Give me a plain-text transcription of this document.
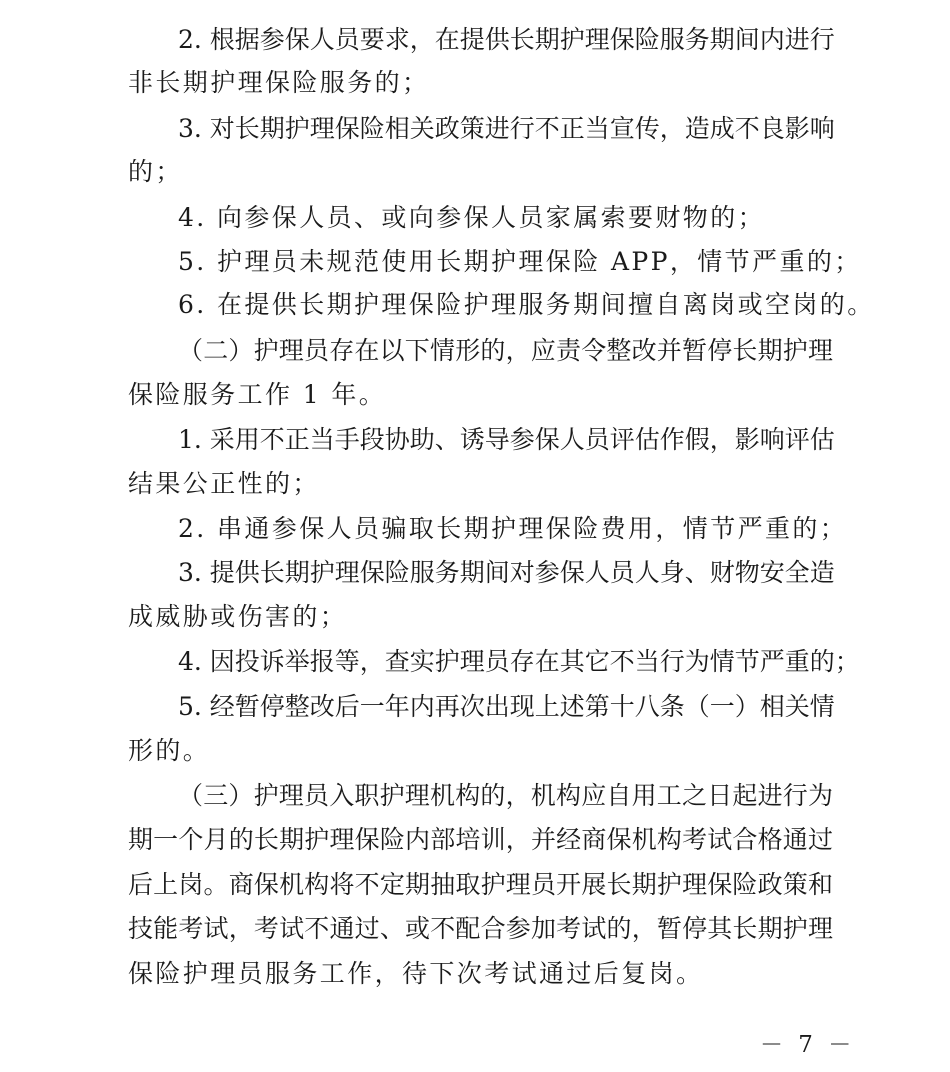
2. 根据参保人员要求，在提供长期护理保险服务期间内进行
非长期护理保险服务的；
3. 对长期护理保险相关政策进行不正当宣传，造成不良影响
的；
4. 向参保人员、或向参保人员家属索要财物的；
5. 护理员未规范使用长期护理保险 APP，情节严重的；
6. 在提供长期护理保险护理服务期间擅自离岗或空岗的。
（二）护理员存在以下情形的，应责令整改并暂停长期护理
保险服务工作 1 年。
1. 采用不正当手段协助、诱导参保人员评估作假，影响评估
结果公正性的；
2. 串通参保人员骗取长期护理保险费用，情节严重的；
3. 提供长期护理保险服务期间对参保人员人身、财物安全造
成威胁或伤害的；
4. 因投诉举报等，查实护理员存在其它不当行为情节严重的；
5. 经暂停整改后一年内再次出现上述第十八条（一）相关情
形的。
（三）护理员入职护理机构的，机构应自用工之日起进行为
期一个月的长期护理保险内部培训，并经商保机构考试合格通过
后上岗。商保机构将不定期抽取护理员开展长期护理保险政策和
技能考试，考试不通过、或不配合参加考试的，暂停其长期护理
保险护理员服务工作，待下次考试通过后复岗。
－ 7 －
